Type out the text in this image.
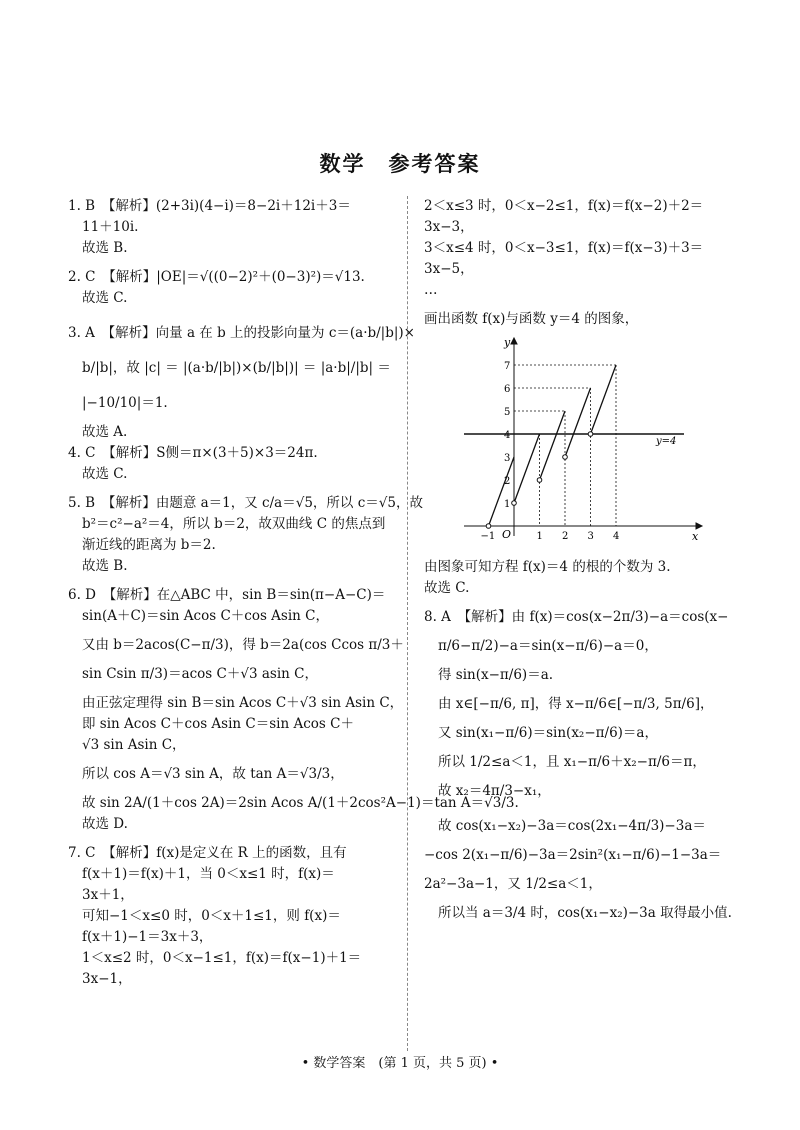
数学　参考答案
1. B　【解析】(2+3i)(4−i)＝8−2i＋12i＋3＝
11＋10i.
故选 B.
2. C　【解析】|OE|＝√((0−2)²＋(0−3)²)＝√13.
故选 C.
3. A　【解析】向量 a 在 b 上的投影向量为 c＝(a·b/|b|)×
b/|b|，故 |c| ＝ |(a·b/|b|)×(b/|b|)| ＝ |a·b|/|b| ＝
|−10/10|＝1.
故选 A.
4. C　【解析】S侧＝π×(3＋5)×3＝24π.
故选 C.
5. B　【解析】由题意 a＝1，又 c/a＝√5，所以 c＝√5，故
b²＝c²−a²＝4，所以 b＝2，故双曲线 C 的焦点到
渐近线的距离为 b＝2.
故选 B.
6. D　【解析】在△ABC 中，sin B＝sin(π−A−C)＝
sin(A＋C)＝sin Acos C＋cos Asin C，
又由 b＝2acos(C−π/3)，得 b＝2a(cos Ccos π/3＋
sin Csin π/3)＝acos C＋√3 asin C，
由正弦定理得 sin B＝sin Acos C＋√3 sin Asin C，
即 sin Acos C＋cos Asin C＝sin Acos C＋
√3 sin Asin C，
所以 cos A＝√3 sin A，故 tan A＝√3/3，
故 sin 2A/(1＋cos 2A)＝2sin Acos A/(1＋2cos²A−1)＝tan A＝√3/3.
故选 D.
7. C　【解析】f(x)是定义在 R 上的函数，且有
f(x＋1)＝f(x)＋1，当 0＜x≤1 时，f(x)＝
3x＋1，
可知−1＜x≤0 时，0＜x＋1≤1，则 f(x)＝
f(x＋1)−1＝3x＋3，
1＜x≤2 时，0＜x−1≤1，f(x)＝f(x−1)＋1＝
3x−1，
2＜x≤3 时，0＜x−2≤1，f(x)＝f(x−2)＋2＝
3x−3，
3＜x≤4 时，0＜x−3≤1，f(x)＝f(x−3)＋3＝
3x−5，
…
画出函数 f(x)与函数 y＝4 的图象，
−1	1 2 3 4
1
2
3
4
5
6
7
y
x
O
y=4
由图象可知方程 f(x)＝4 的根的个数为 3.
故选 C.
8. A　【解析】由 f(x)＝cos(x−2π/3)−a＝cos(x−
π/6−π/2)−a＝sin(x−π/6)−a＝0，
得 sin(x−π/6)＝a.
由 x∈[−π/6, π]，得 x−π/6∈[−π/3, 5π/6]，
又 sin(x₁−π/6)＝sin(x₂−π/6)＝a，
所以 1/2≤a＜1，且 x₁−π/6＋x₂−π/6＝π，
故 x₂＝4π/3−x₁，
故 cos(x₁−x₂)−3a＝cos(2x₁−4π/3)−3a＝
−cos 2(x₁−π/6)−3a＝2sin²(x₁−π/6)−1−3a＝
2a²−3a−1，又 1/2≤a＜1，
所以当 a＝3/4 时，cos(x₁−x₂)−3a 取得最小值.
• 数学答案　(第 1 页，共 5 页) •
